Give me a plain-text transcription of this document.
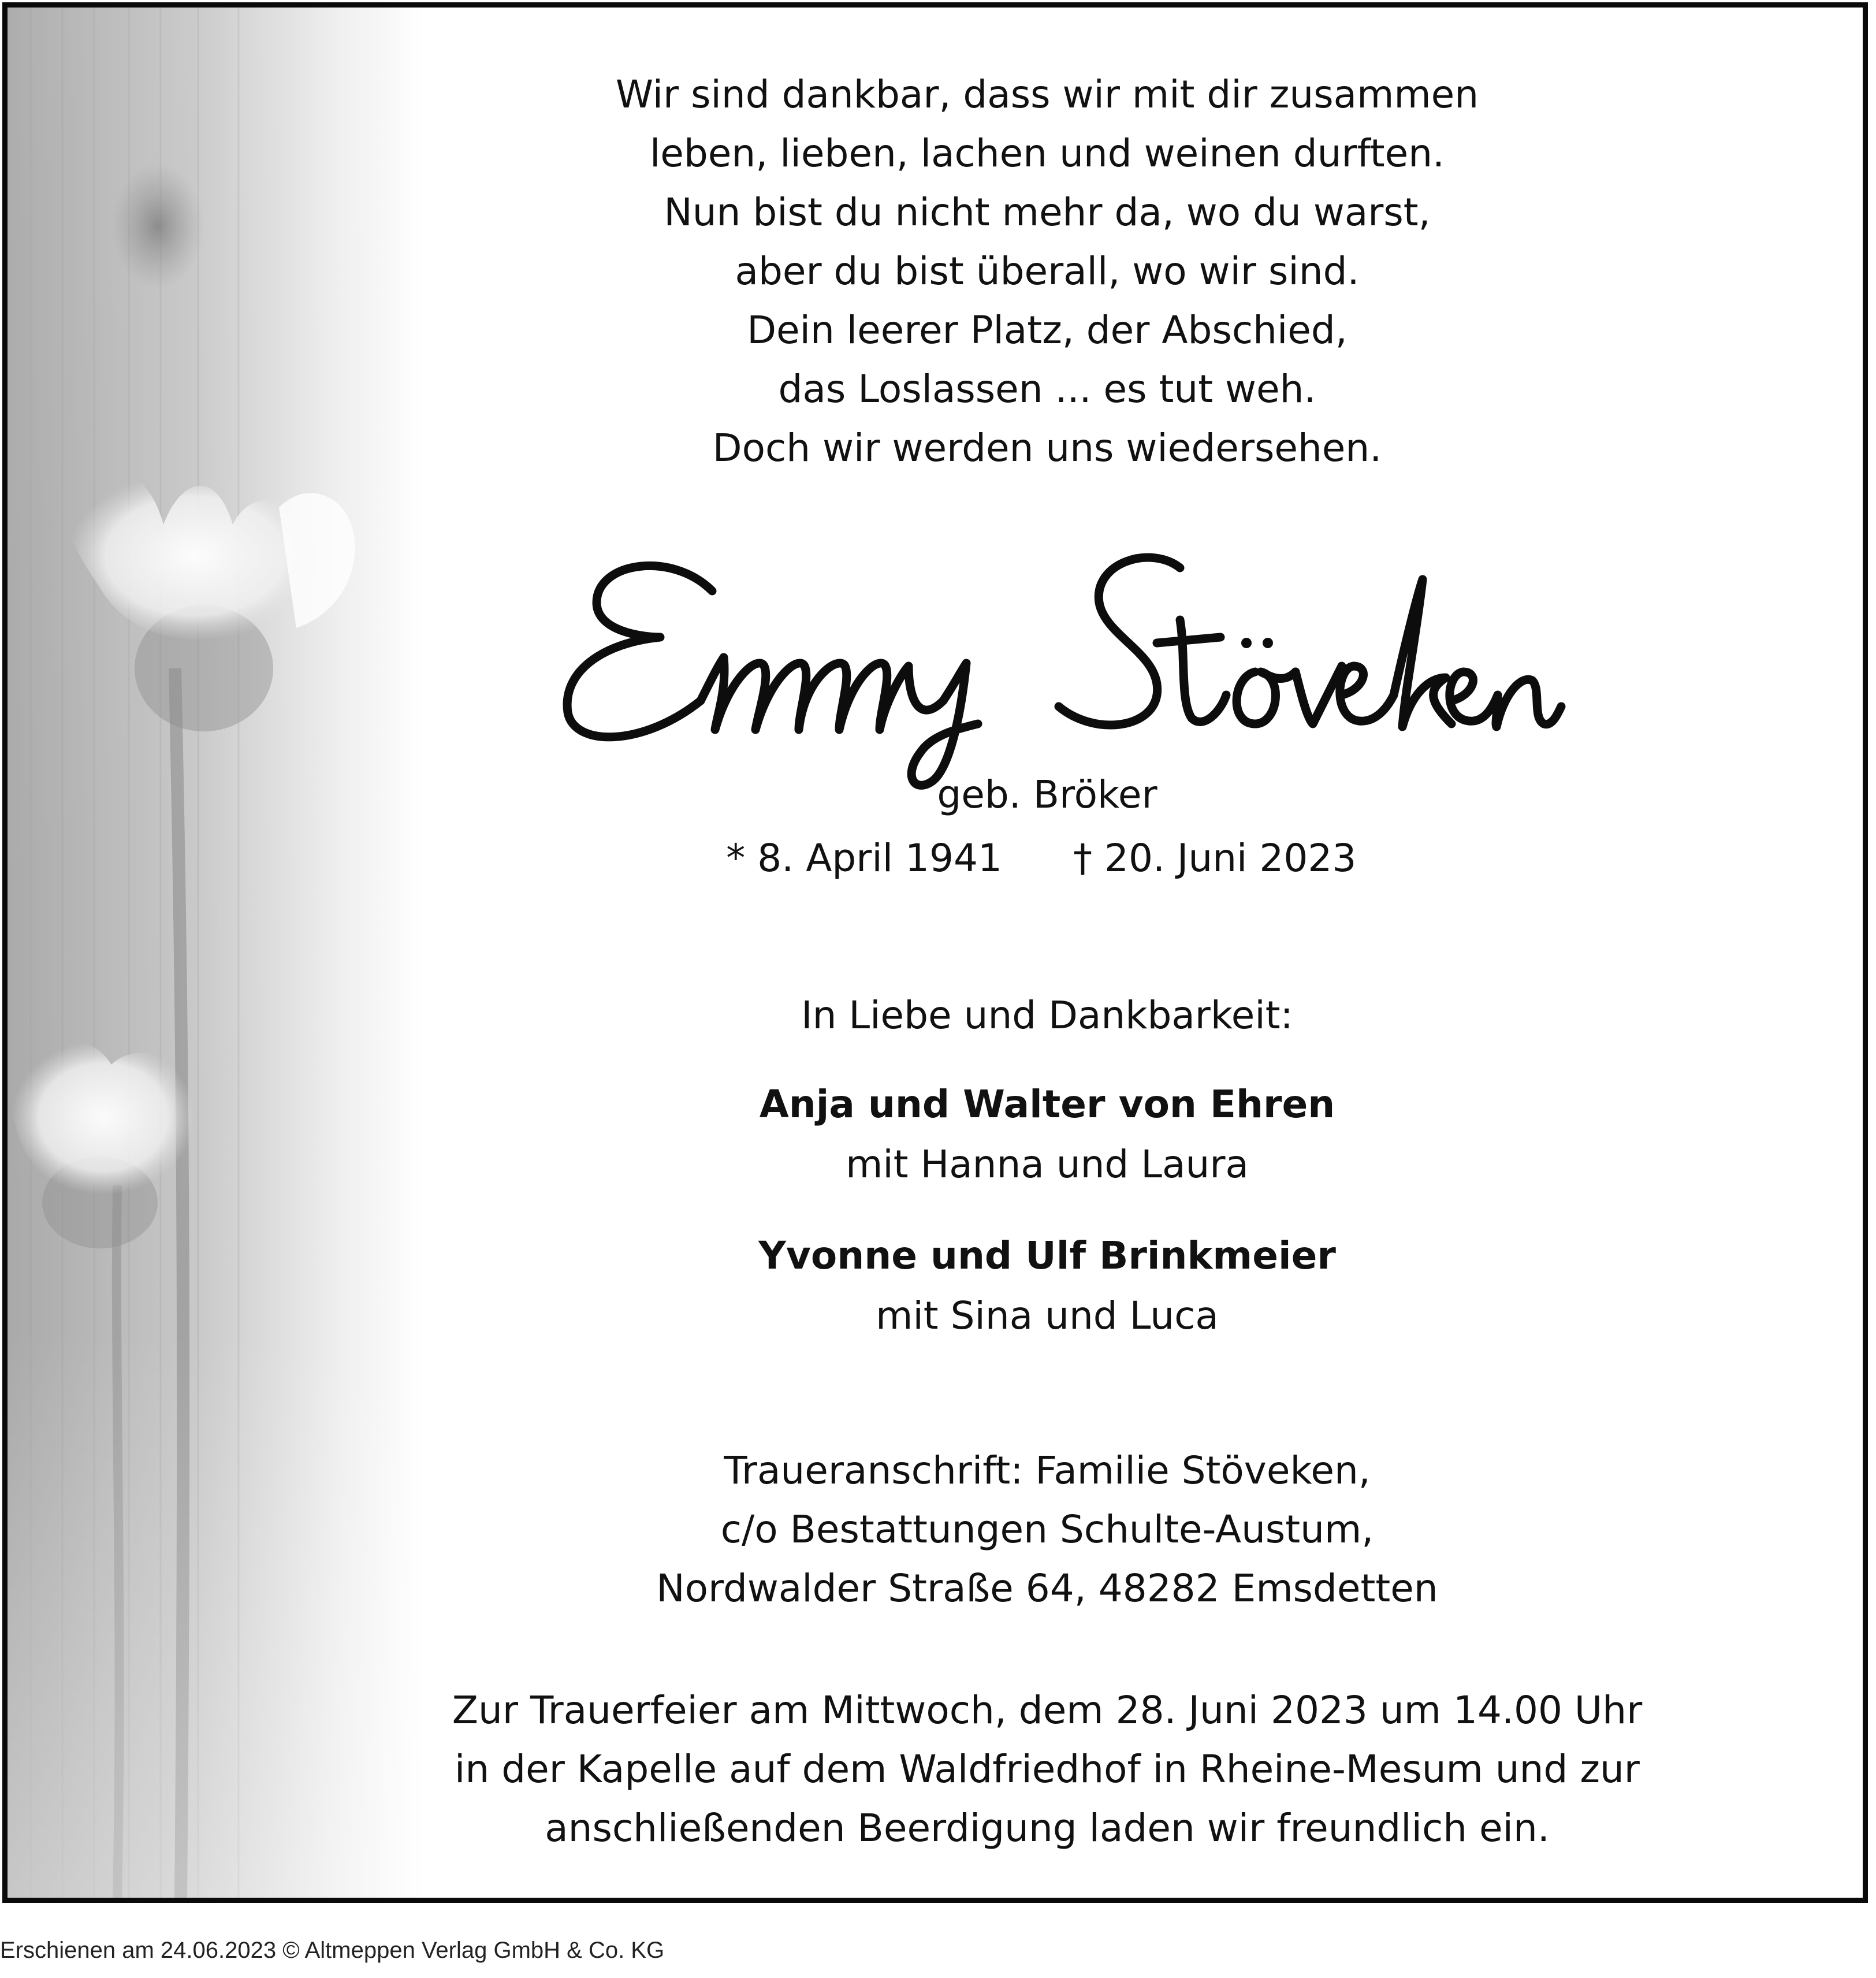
Wir sind dankbar, dass wir mit dir zusammen
leben, lieben, lachen und weinen durften.
Nun bist du nicht mehr da, wo du warst,
aber du bist überall, wo wir sind.
Dein leerer Platz, der Abschied,
das Loslassen ... es tut weh.
Doch wir werden uns wiedersehen.
geb. Bröker
* 8. April 1941 † 20. Juni 2023
In Liebe und Dankbarkeit:
Anja und Walter von Ehren
mit Hanna und Laura
Yvonne und Ulf Brinkmeier
mit Sina und Luca
Traueranschrift: Familie Stöveken,
c/o Bestattungen Schulte-Austum,
Nordwalder Straße 64, 48282 Emsdetten
Zur Trauerfeier am Mittwoch, dem 28. Juni 2023 um 14.00 Uhr
in der Kapelle auf dem Waldfriedhof in Rheine-Mesum und zur
anschließenden Beerdigung laden wir freundlich ein.
Erschienen am 24.06.2023 © Altmeppen Verlag GmbH & Co. KG
